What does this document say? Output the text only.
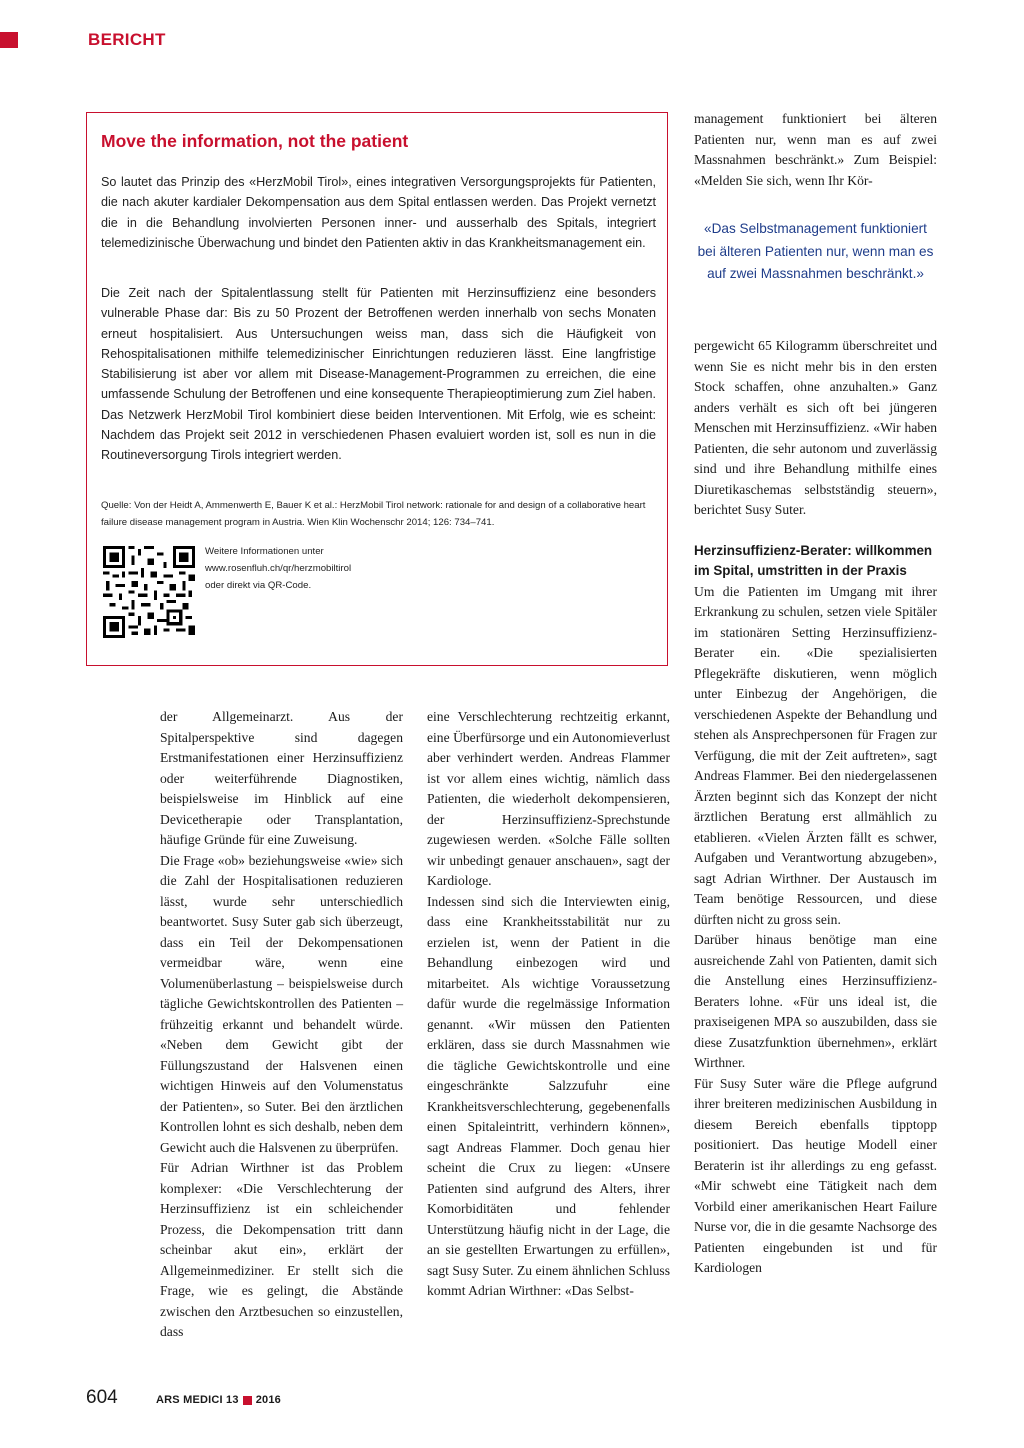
BERICHT
Move the information, not the patient

So lautet das Prinzip des «HerzMobil Tirol», eines integrativen Versorgungsprojekts für Patienten, die nach akuter kardialer Dekompensation aus dem Spital entlassen werden. Das Projekt vernetzt die in die Behandlung involvierten Personen inner- und ausserhalb des Spitals, integriert telemedizinische Überwachung und bindet den Patienten aktiv in das Krankheitsmanagement ein.

Die Zeit nach der Spitalentlassung stellt für Patienten mit Herzinsuffizienz eine besonders vulnerable Phase dar: Bis zu 50 Prozent der Betroffenen werden innerhalb von sechs Monaten erneut hospitalisiert. Aus Untersuchungen weiss man, dass sich die Häufigkeit von Rehospitalisationen mithilfe telemedizinischer Einrichtungen reduzieren lässt. Eine langfristige Stabilisierung ist aber vor allem mit Disease-Management-Programmen zu erreichen, die eine umfassende Schulung der Betroffenen und eine konsequente Therapieoptimierung zum Ziel haben. Das Netzwerk HerzMobil Tirol kombiniert diese beiden Interventionen. Mit Erfolg, wie es scheint: Nachdem das Projekt seit 2012 in verschiedenen Phasen evaluiert worden ist, soll es nun in die Routineversorgung Tirols integriert werden.

Quelle: Von der Heidt A, Ammenwerth E, Bauer K et al.: HerzMobil Tirol network: rationale for and design of a collaborative heart failure disease management program in Austria. Wien Klin Wochenschr 2014; 126: 734–741.

Weitere Informationen unter
www.rosenfluh.ch/qr/herzmobiltirol
oder direkt via QR-Code.

der Allgemeinarzt. Aus der Spitalperspektive sind dagegen Erstmanifestationen einer Herzinsuffizienz oder weiterführende Diagnostiken, beispielsweise im Hinblick auf eine Devicetherapie oder Transplantation, häufige Gründe für eine Zuweisung.

Die Frage «ob» beziehungsweise «wie» sich die Zahl der Hospitalisationen reduzieren lässt, wurde sehr unterschiedlich beantwortet. Susy Suter gab sich überzeugt, dass ein Teil der Dekompensationen vermeidbar wäre, wenn eine Volumenüberlastung – beispielsweise durch tägliche Gewichtskontrollen des Patienten – frühzeitig erkannt und behandelt würde. «Neben dem Gewicht gibt der Füllungszustand der Halsvenen einen wichtigen Hinweis auf den Volumenstatus der Patienten», so Suter. Bei den ärztlichen Kontrollen lohnt es sich deshalb, neben dem Gewicht auch die Halsvenen zu überprüfen.

Für Adrian Wirthner ist das Problem komplexer: «Die Verschlechterung der Herzinsuffizienz ist ein schleichender Prozess, die Dekompensation tritt dann scheinbar akut ein», erklärt der Allgemeinmediziner. Er stellt sich die Frage, wie es gelingt, die Abstände zwischen den Arztbesuchen so einzustellen, dass

eine Verschlechterung rechtzeitig erkannt, eine Überfürsorge und ein Autonomieverlust aber verhindert werden. Andreas Flammer ist vor allem eines wichtig, nämlich dass Patienten, die wiederholt dekompensieren, der Herzinsuffizienz-Sprechstunde zugewiesen werden. «Solche Fälle sollten wir unbedingt genauer anschauen», sagt der Kardiologe.

Indessen sind sich die Interviewten einig, dass eine Krankheitsstabilität nur zu erzielen ist, wenn der Patient in die Behandlung einbezogen wird und mitarbeitet. Als wichtige Voraussetzung dafür wurde die regelmässige Information genannt. «Wir müssen den Patienten erklären, dass sie durch Massnahmen wie die tägliche Gewichtskontrolle und eine eingeschränkte Salzzufuhr eine Krankheitsverschlechterung, gegebenenfalls einen Spitaleintritt, verhindern können», sagt Andreas Flammer. Doch genau hier scheint die Crux zu liegen: «Unsere Patienten sind aufgrund des Alters, ihrer Komorbiditäten und fehlender Unterstützung häufig nicht in der Lage, die an sie gestellten Erwartungen zu erfüllen», sagt Susy Suter. Zu einem ähnlichen Schluss kommt Adrian Wirthner: «Das Selbst-

management funktioniert bei älteren Patienten nur, wenn man es auf zwei Massnahmen beschränkt.» Zum Beispiel: «Melden Sie sich, wenn Ihr Kör-

«Das Selbstmanagement funktioniert bei älteren Patienten nur, wenn man es auf zwei Massnahmen beschränkt.»

pergewicht 65 Kilogramm überschreitet und wenn Sie es nicht mehr bis in den ersten Stock schaffen, ohne anzuhalten.» Ganz anders verhält es sich oft bei jüngeren Menschen mit Herzinsuffizienz. «Wir haben Patienten, die sehr autonom und zuverlässig sind und ihre Behandlung mithilfe eines Diuretikaschemas selbstständig steuern», berichtet Susy Suter.

Herzinsuffizienz-Berater: willkommen im Spital, umstritten in der Praxis

Um die Patienten im Umgang mit ihrer Erkrankung zu schulen, setzen viele Spitäler im stationären Setting Herzinsuffizienz-Berater ein. «Die spezialisierten Pflegekräfte diskutieren, wenn möglich unter Einbezug der Angehörigen, die verschiedenen Aspekte der Behandlung und stehen als Ansprechpersonen für Fragen zur Verfügung, die mit der Zeit auftreten», sagt Andreas Flammer. Bei den niedergelassenen Ärzten beginnt sich das Konzept der nicht ärztlichen Beratung erst allmählich zu etablieren. «Vielen Ärzten fällt es schwer, Aufgaben und Verantwortung abzugeben», sagt Adrian Wirthner. Der Austausch im Team benötige Ressourcen, und diese dürften nicht zu gross sein.

Darüber hinaus benötige man eine ausreichende Zahl von Patienten, damit sich die Anstellung eines Herzinsuffizienz-Beraters lohne. «Für uns ideal ist, die praxiseigenen MPA so auszubilden, dass sie diese Zusatzfunktion übernehmen», erklärt Wirthner.

Für Susy Suter wäre die Pflege aufgrund ihrer breiteren medizinischen Ausbildung in diesem Bereich ebenfalls tipptopp positioniert. Das heutige Modell einer Beraterin ist ihr allerdings zu eng gefasst. «Mir schwebt eine Tätigkeit nach dem Vorbild einer amerikanischen Heart Failure Nurse vor, die in die gesamte Nachsorge des Patienten eingebunden ist und für Kardiologen

604	ARS MEDICI 13 2016
